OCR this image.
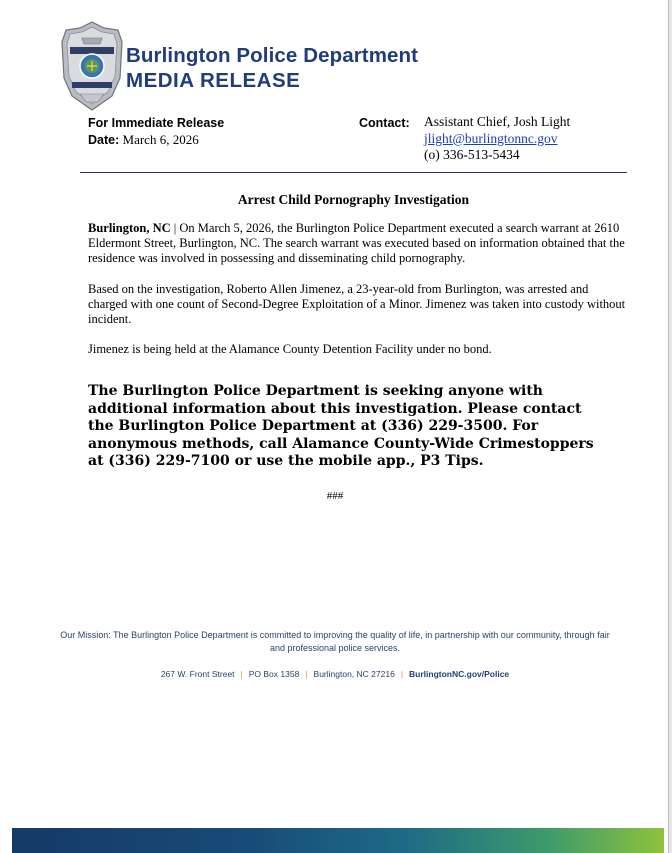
Burlington Police Department
MEDIA RELEASE
For Immediate Release
Date: March 6, 2026
Contact: Assistant Chief, Josh Light
jlight@burlingtonnc.gov
(o) 336-513-5434
Arrest Child Pornography Investigation

Burlington, NC | On March 5, 2026, the Burlington Police Department executed a search warrant at 2610 Eldermont Street, Burlington, NC. The search warrant was executed based on information obtained that the residence was involved in possessing and disseminating child pornography.

Based on the investigation, Roberto Allen Jimenez, a 23-year-old from Burlington, was arrested and charged with one count of Second-Degree Exploitation of a Minor. Jimenez was taken into custody without incident.

Jimenez is being held at the Alamance County Detention Facility under no bond.

The Burlington Police Department is seeking anyone with additional information about this investigation. Please contact the Burlington Police Department at (336) 229-3500. For anonymous methods, call Alamance County-Wide Crimestoppers at (336) 229-7100 or use the mobile app., P3 Tips.

###

Our Mission: The Burlington Police Department is committed to improving the quality of life, in partnership with our community, through fair and professional police services.

267 W. Front Street | PO Box 1358 | Burlington, NC 27216 | BurlingtonNC.gov/Police
